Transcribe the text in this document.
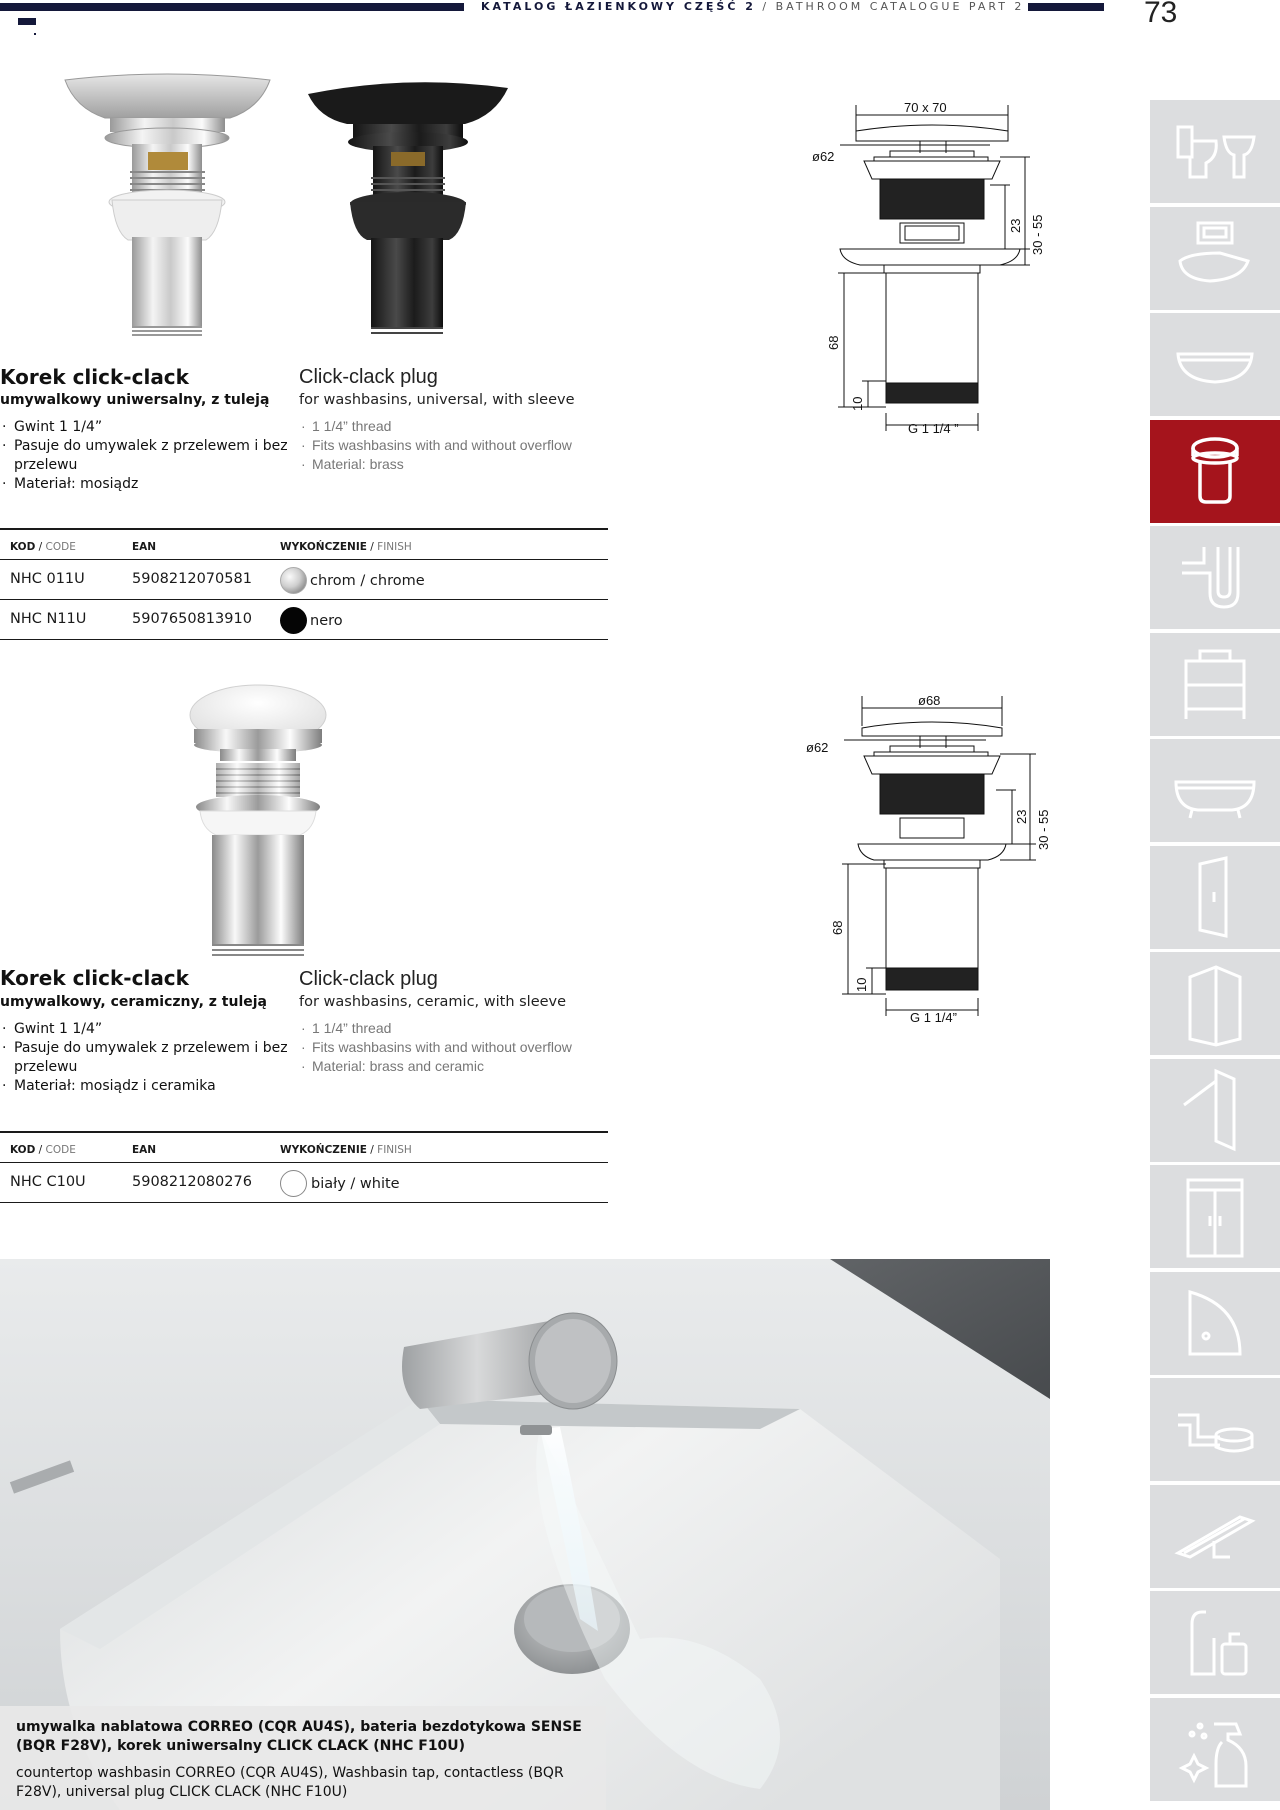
KATALOG ŁAZIENKOWY CZĘŚĆ 2 / BATHROOM CATALOGUE PART 2	73
Korek click-clack
umywalkowy uniwersalny, z tuleją
· Gwint 1 1/4”
· Pasuje do umywalek z przelewem i bez przelewu
· Materiał: mosiądz
Click-clack plug
for washbasins, universal, with sleeve
· 1 1/4” thread
· Fits washbasins with and without overflow
· Material: brass
KOD / CODE	EAN	WYKOŃCZENIE / FINISH
NHC 011U	5908212070581	chrom / chrome
NHC N11U	5907650813910	nero
70 x 70
ø62
23 30 - 55
68
10
G 1 1/4 ”
Korek click-clack
umywalkowy, ceramiczny, z tuleją
· Gwint 1 1/4”
· Pasuje do umywalek z przelewem i bez przelewu
· Materiał: mosiądz i ceramika
Click-clack plug
for washbasins, ceramic, with sleeve
· 1 1/4” thread
· Fits washbasins with and without overflow
· Material: brass and ceramic
KOD / CODE	EAN	WYKOŃCZENIE / FINISH
NHC C10U	5908212080276	biały / white
ø68
ø62
23 30 - 55
68
10
G 1 1/4”
umywalka nablatowa CORREO (CQR AU4S), bateria bezdotykowa SENSE (BQR F28V), korek uniwersalny CLICK CLACK (NHC F10U)
countertop washbasin CORREO (CQR AU4S), Washbasin tap, contactless (BQR F28V), universal plug CLICK CLACK (NHC F10U)
